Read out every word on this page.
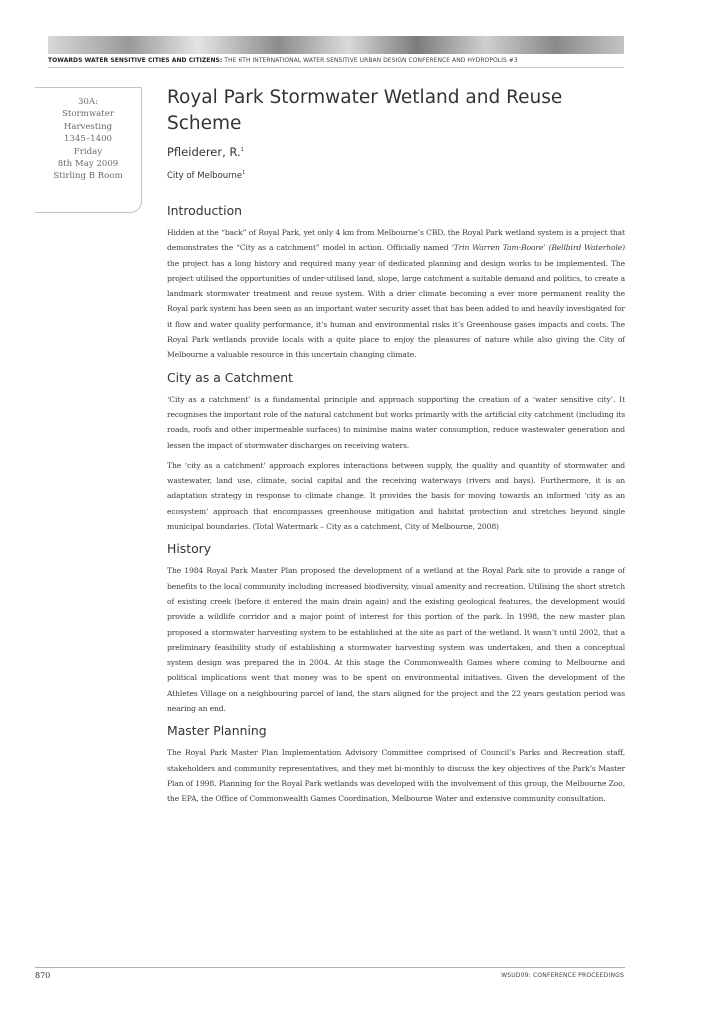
TOWARDS WATER SENSITIVE CITIES AND CITIZENS: THE 6TH INTERNATIONAL WATER SENSITIVE URBAN DESIGN CONFERENCE AND HYDROPOLIS #3
30A:
Stormwater
Harvesting
1345–1400
Friday
8th May 2009
Stirling B Room
Royal Park Stormwater Wetland and Reuse
Scheme

Pfleiderer, R.$^1$

City of Melbourne$^1$

Introduction

Hidden at the “back” of Royal Park, yet only 4 km from Melbourne’s CBD, the Royal Park wetland system is a project that demonstrates the “City as a catchment” model in action. Officially named ‘Trin Warren Tam-Boore’ (Bellbird Waterhole) the project has a long history and required many year of dedicated planning and design works to be implemented. The project utilised the opportunities of under-utilised land, slope, large catchment a suitable demand and politics, to create a landmark stormwater treatment and reuse system. With a drier climate becoming a ever more permanent reality the Royal park system has been seen as an important water security asset that has been added to and heavily investigated for it flow and water quality performance, it’s human and environmental risks it’s Greenhouse gases impacts and costs. The Royal Park wetlands provide locals with a quite place to enjoy the pleasures of nature while also giving the City of Melbourne a valuable resource in this uncertain changing climate.

City as a Catchment

‘City as a catchment’ is a fundamental principle and approach supporting the creation of a ‘water sensitive city’. It recognises the important role of the natural catchment but works primarily with the artificial city catchment (including its roads, roofs and other impermeable surfaces) to minimise mains water consumption, reduce wastewater generation and lessen the impact of stormwater discharges on receiving waters.

The ‘city as a catchment’ approach explores interactions between supply, the quality and quantity of stormwater and wastewater, land use, climate, social capital and the receiving waterways (rivers and bays). Furthermore, it is an adaptation strategy in response to climate change. It provides the basis for moving towards an informed ‘city as an ecosystem’ approach that encompasses greenhouse mitigation and habitat protection and stretches beyond single municipal boundaries. (Total Watermark – City as a catchment, City of Melbourne, 2008)

History

The 1984 Royal Park Master Plan proposed the development of a wetland at the Royal Park site to provide a range of benefits to the local community including increased biodiversity, visual amenity and recreation. Utilising the short stretch of existing creek (before it entered the main drain again) and the existing geological features, the development would provide a wildlife corridor and a major point of interest for this portion of the park. In 1998, the new master plan proposed a stormwater harvesting system to be established at the site as part of the wetland. It wasn’t until 2002, that a preliminary feasibility study of establishing a stormwater harvesting system was undertaken, and then a conceptual system design was prepared the in 2004. At this stage the Commonwealth Games where coming to Melbourne and political implications went that money was to be spent on environmental initiatives. Given the development of the Athletes Village on a neighbouring parcel of land, the stars aligned for the project and the 22 years gestation period was nearing an end.

Master Planning

The Royal Park Master Plan Implementation Advisory Committee comprised of Council’s Parks and Recreation staff, stakeholders and community representatives, and they met bi-monthly to discuss the key objectives of the Park’s Master Plan of 1998. Planning for the Royal Park wetlands was developed with the involvement of this group, the Melbourne Zoo, the EPA, the Office of Commonwealth Games Coordination, Melbourne Water and extensive community consultation.

870	WSUD09: CONFERENCE PROCEEDINGS
